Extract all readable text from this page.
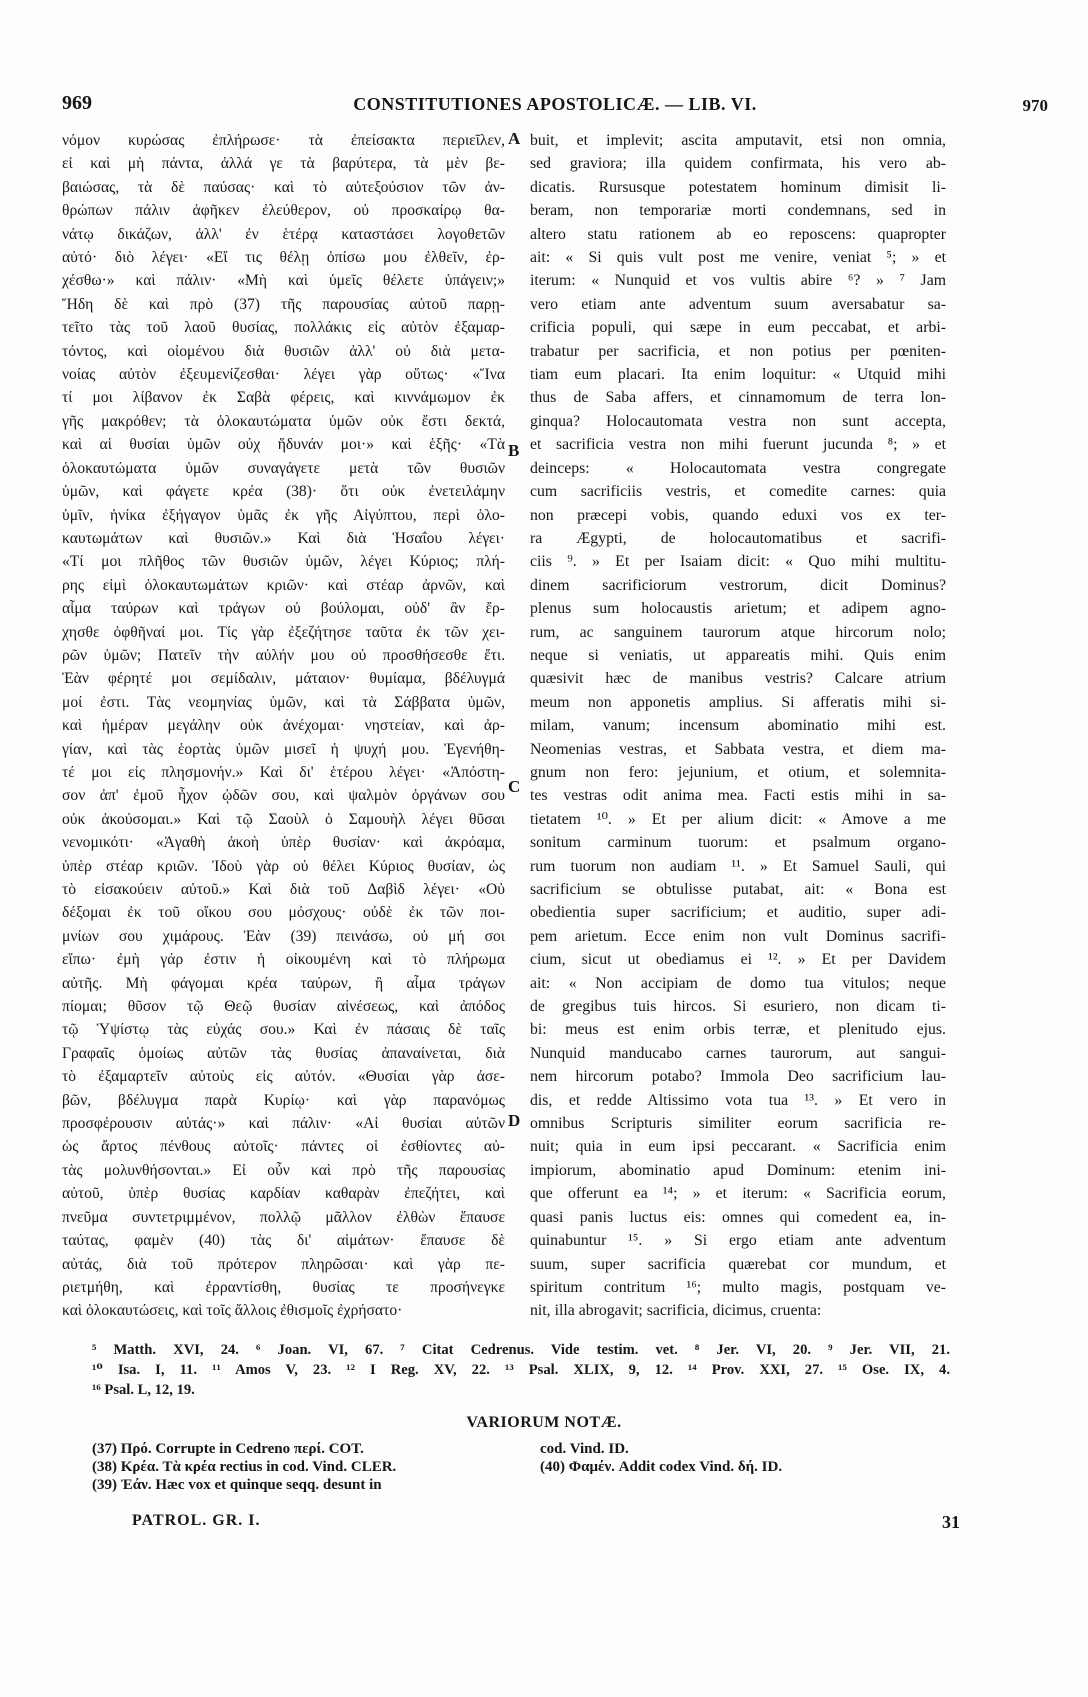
969	CONSTITUTIONES APOSTOLICÆ. — LIB. VI.	970
νόμον κυρώσας ἐπλήρωσε· τὰ ἐπείσακτα περιεῖλεν,
εἰ καὶ μὴ πάντα, ἀλλά γε τὰ βαρύτερα, τὰ μὲν βε-
βαιώσας, τὰ δὲ παύσας· καὶ τὸ αὐτεξούσιον τῶν ἀν-
θρώπων πάλιν ἀφῆκεν ἐλεύθερον, οὐ προσκαίρῳ θα-
νάτῳ δικάζων, ἀλλ' ἐν ἑτέρᾳ καταστάσει λογοθετῶν
αὐτό· διὸ λέγει· «Εἴ τις θέλῃ ὀπίσω μου ἐλθεῖν, ἐρ-
χέσθω·» καὶ πάλιν· «Μὴ καὶ ὑμεῖς θέλετε ὑπάγειν;»
Ἤδη δὲ καὶ πρὸ (37) τῆς παρουσίας αὐτοῦ παρῃ-
τεῖτο τὰς τοῦ λαοῦ θυσίας, πολλάκις εἰς αὐτὸν ἐξαμαρ-
τόντος, καὶ οἰομένου διὰ θυσιῶν ἀλλ' οὐ διὰ μετα-
νοίας αὐτὸν ἐξευμενίζεσθαι· λέγει γὰρ οὕτως· «Ἵνα
τί μοι λίβανον ἐκ Σαβὰ φέρεις, καὶ κιννάμωμον ἐκ
γῆς μακρόθεν; τὰ ὁλοκαυτώματα ὑμῶν οὐκ ἔστι δεκτά,
καὶ αἱ θυσίαι ὑμῶν οὐχ ἥδυνάν μοι·» καὶ ἑξῆς· «Τὰ
ὁλοκαυτώματα ὑμῶν συναγάγετε μετὰ τῶν θυσιῶν
ὑμῶν, καὶ φάγετε κρέα (38)· ὅτι οὐκ ἐνετειλάμην
ὑμῖν, ἡνίκα ἐξήγαγον ὑμᾶς ἐκ γῆς Αἰγύπτου, περὶ ὁλο-
καυτωμάτων καὶ θυσιῶν.» Καὶ διὰ Ἡσαΐου λέγει·
«Τί μοι πλῆθος τῶν θυσιῶν ὑμῶν, λέγει Κύριος; πλή-
ρης εἰμὶ ὁλοκαυτωμάτων κριῶν· καὶ στέαρ ἀρνῶν, καὶ
αἷμα ταύρων καὶ τράγων οὐ βούλομαι, οὐδ' ἂν ἔρ-
χησθε ὀφθῆναί μοι. Τίς γὰρ ἐξεζήτησε ταῦτα ἐκ τῶν χει-
ρῶν ὑμῶν; Πατεῖν τὴν αὐλήν μου οὐ προσθήσεσθε ἔτι.
Ἐὰν φέρητέ μοι σεμίδαλιν, μάταιον· θυμίαμα, βδέλυγμά
μοί ἐστι. Τὰς νεομηνίας ὑμῶν, καὶ τὰ Σάββατα ὑμῶν,
καὶ ἡμέραν μεγάλην οὐκ ἀνέχομαι· νηστείαν, καὶ ἀρ-
γίαν, καὶ τὰς ἑορτὰς ὑμῶν μισεῖ ἡ ψυχή μου. Ἐγενήθη-
τέ μοι εἰς πλησμονήν.» Καὶ δι' ἑτέρου λέγει· «Ἀπόστη-
σον ἀπ' ἐμοῦ ἦχον ᾠδῶν σου, καὶ ψαλμὸν ὀργάνων σου
οὐκ ἀκούσομαι.» Καὶ τῷ Σαοὺλ ὁ Σαμουὴλ λέγει θῦσαι
νενομικότι· «Ἀγαθὴ ἀκοὴ ὑπὲρ θυσίαν· καὶ ἀκρόαμα,
ὑπὲρ στέαρ κριῶν. Ἰδοὺ γὰρ οὐ θέλει Κύριος θυσίαν, ὡς
τὸ εἰσακούειν αὐτοῦ.» Καὶ διὰ τοῦ Δαβὶδ λέγει· «Οὐ
δέξομαι ἐκ τοῦ οἴκου σου μόσχους· οὐδὲ ἐκ τῶν ποι-
μνίων σου χιμάρους. Ἐὰν (39) πεινάσω, οὐ μή σοι
εἴπω· ἐμὴ γάρ ἐστιν ἡ οἰκουμένη καὶ τὸ πλήρωμα
αὐτῆς. Μὴ φάγομαι κρέα ταύρων, ἢ αἷμα τράγων
πίομαι; θῦσον τῷ Θεῷ θυσίαν αἰνέσεως, καὶ ἀπόδος
τῷ Ὑψίστῳ τὰς εὐχάς σου.» Καὶ ἐν πάσαις δὲ ταῖς
Γραφαῖς ὁμοίως αὐτῶν τὰς θυσίας ἀπαναίνεται, διὰ
τὸ ἐξαμαρτεῖν αὐτοὺς εἰς αὐτόν. «Θυσίαι γὰρ ἀσε-
βῶν, βδέλυγμα παρὰ Κυρίῳ· καὶ γὰρ παρανόμως
προσφέρουσιν αὐτάς·» καὶ πάλιν· «Αἱ θυσίαι αὐτῶν
ὡς ἄρτος πένθους αὐτοῖς· πάντες οἱ ἐσθίοντες αὐ-
τὰς μολυνθήσονται.» Εἰ οὖν καὶ πρὸ τῆς παρουσίας
αὐτοῦ, ὑπὲρ θυσίας καρδίαν καθαρὰν ἐπεζήτει, καὶ
πνεῦμα συντετριμμένον, πολλῷ μᾶλλον ἐλθὼν ἔπαυσε
ταύτας, φαμὲν (40) τὰς δι' αἱμάτων· ἔπαυσε δὲ
αὐτάς, διὰ τοῦ πρότερον πληρῶσαι· καὶ γὰρ πε-
ριετμήθη, καὶ ἐρραντίσθη, θυσίας τε προσήνεγκε
καὶ ὁλοκαυτώσεις, καὶ τοῖς ἄλλοις ἐθισμοῖς ἐχρήσατο·
A
B
C
D
buit, et implevit; ascita amputavit, etsi non omnia,
sed graviora; illa quidem confirmata, his vero ab-
dicatis. Rursusque potestatem hominum dimisit li-
beram, non temporariæ morti condemnans, sed in
altero statu rationem ab eo reposcens: quapropter
ait: « Si quis vult post me venire, veniat ⁵; » et
iterum: « Nunquid et vos vultis abire ⁶? » ⁷ Jam
vero etiam ante adventum suum aversabatur sa-
crificia populi, qui sæpe in eum peccabat, et arbi-
trabatur per sacrificia, et non potius per pœniten-
tiam eum placari. Ita enim loquitur: « Utquid mihi
thus de Saba affers, et cinnamomum de terra lon-
ginqua? Holocautomata vestra non sunt accepta,
et sacrificia vestra non mihi fuerunt jucunda ⁸; » et
deinceps: « Holocautomata vestra congregate
cum sacrificiis vestris, et comedite carnes: quia
non præcepi vobis, quando eduxi vos ex ter-
ra Ægypti, de holocautomatibus et sacrifi-
ciis ⁹. » Et per Isaiam dicit: « Quo mihi multitu-
dinem sacrificiorum vestrorum, dicit Dominus?
plenus sum holocaustis arietum; et adipem agno-
rum, ac sanguinem taurorum atque hircorum nolo;
neque si veniatis, ut appareatis mihi. Quis enim
quæsivit hæc de manibus vestris? Calcare atrium
meum non apponetis amplius. Si afferatis mihi si-
milam, vanum; incensum abominatio mihi est.
Neomenias vestras, et Sabbata vestra, et diem ma-
gnum non fero: jejunium, et otium, et solemnita-
tes vestras odit anima mea. Facti estis mihi in sa-
tietatem ¹⁰. » Et per alium dicit: « Amove a me
sonitum carminum tuorum: et psalmum organo-
rum tuorum non audiam ¹¹. » Et Samuel Sauli, qui
sacrificium se obtulisse putabat, ait: « Bona est
obedientia super sacrificium; et auditio, super adi-
pem arietum. Ecce enim non vult Dominus sacrifi-
cium, sicut ut obediamus ei ¹². » Et per Davidem
ait: « Non accipiam de domo tua vitulos; neque
de gregibus tuis hircos. Si esuriero, non dicam ti-
bi: meus est enim orbis terræ, et plenitudo ejus.
Nunquid manducabo carnes taurorum, aut sangui-
nem hircorum potabo? Immola Deo sacrificium lau-
dis, et redde Altissimo vota tua ¹³. » Et vero in
omnibus Scripturis similiter eorum sacrificia re-
nuit; quia in eum ipsi peccarant. « Sacrificia enim
impiorum, abominatio apud Dominum: etenim ini-
que offerunt ea ¹⁴; » et iterum: « Sacrificia eorum,
quasi panis luctus eis: omnes qui comedent ea, in-
quinabuntur ¹⁵. » Si ergo etiam ante adventum
suum, super sacrificia quærebat cor mundum, et
spiritum contritum ¹⁶; multo magis, postquam ve-
nit, illa abrogavit; sacrificia, dicimus, cruenta:
⁵ Matth. XVI, 24. ⁶ Joan. VI, 67. ⁷ Citat Cedrenus. Vide testim. vet. ⁸ Jer. VI, 20. ⁹ Jer. VII, 21.
¹⁰ Isa. I, 11. ¹¹ Amos V, 23. ¹² I Reg. XV, 22. ¹³ Psal. XLIX, 9, 12. ¹⁴ Prov. XXI, 27. ¹⁵ Ose. IX, 4.
¹⁶ Psal. L, 12, 19.
VARIORUM NOTÆ.
(37) Πρό. Corrupte in Cedreno περί. COT.
(38) Κρέα. Τὰ κρέα rectius in cod. Vind. CLER.
(39) Ἐάν. Hæc vox et quinque seqq. desunt in
cod. Vind. ID.
(40) Φαμέν. Addit codex Vind. δή. ID.
PATROL. GR. I.	31
